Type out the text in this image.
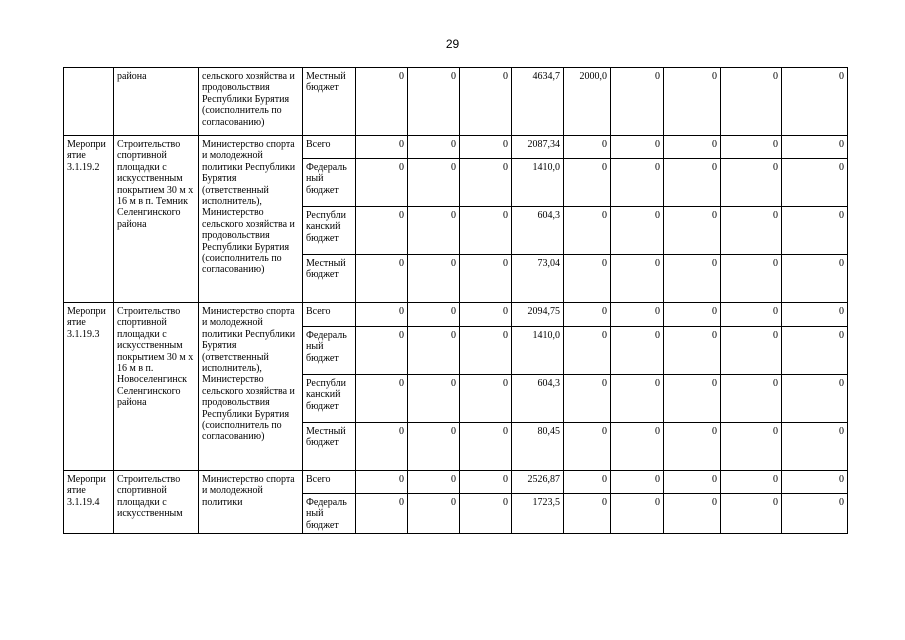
29
	района	сельского хозяйства и продовольствия Республики Бурятия (соисполнитель по согласованию)	Местный бюджет	0	0	0	4634,7	2000,0	0	0	0	0
Меропри ятие 3.1.19.2	Строительство спортивной площадки с искусственным покрытием 30 м х 16 м в п. Темник Селенгинского района	Министерство спорта и молодежной политики Республики Бурятия (ответственный исполнитель), Министерство сельского хозяйства и продовольствия Республики Бурятия (соисполнитель по согласованию)	Всего	0	0	0	2087,34	0	0	0	0	0
			Федераль ный бюджет	0	0	0	1410,0	0	0	0	0	0
			Республи канский бюджет	0	0	0	604,3	0	0	0	0	0
			Местный бюджет	0	0	0	73,04	0	0	0	0	0
Меропри ятие 3.1.19.3	Строительство спортивной площадки с искусственным покрытием 30 м х 16 м в п. Новоселенгинск Селенгинского района	Министерство спорта и молодежной политики Республики Бурятия (ответственный исполнитель), Министерство сельского хозяйства и продовольствия Республики Бурятия (соисполнитель по согласованию)	Всего	0	0	0	2094,75	0	0	0	0	0
			Федераль ный бюджет	0	0	0	1410,0	0	0	0	0	0
			Республи канский бюджет	0	0	0	604,3	0	0	0	0	0
			Местный бюджет	0	0	0	80,45	0	0	0	0	0
Меропри ятие 3.1.19.4	Строительство спортивной площадки с искусственным	Министерство спорта и молодежной политики	Всего	0	0	0	2526,87	0	0	0	0	0
			Федераль ный бюджет	0	0	0	1723,5	0	0	0	0	0
